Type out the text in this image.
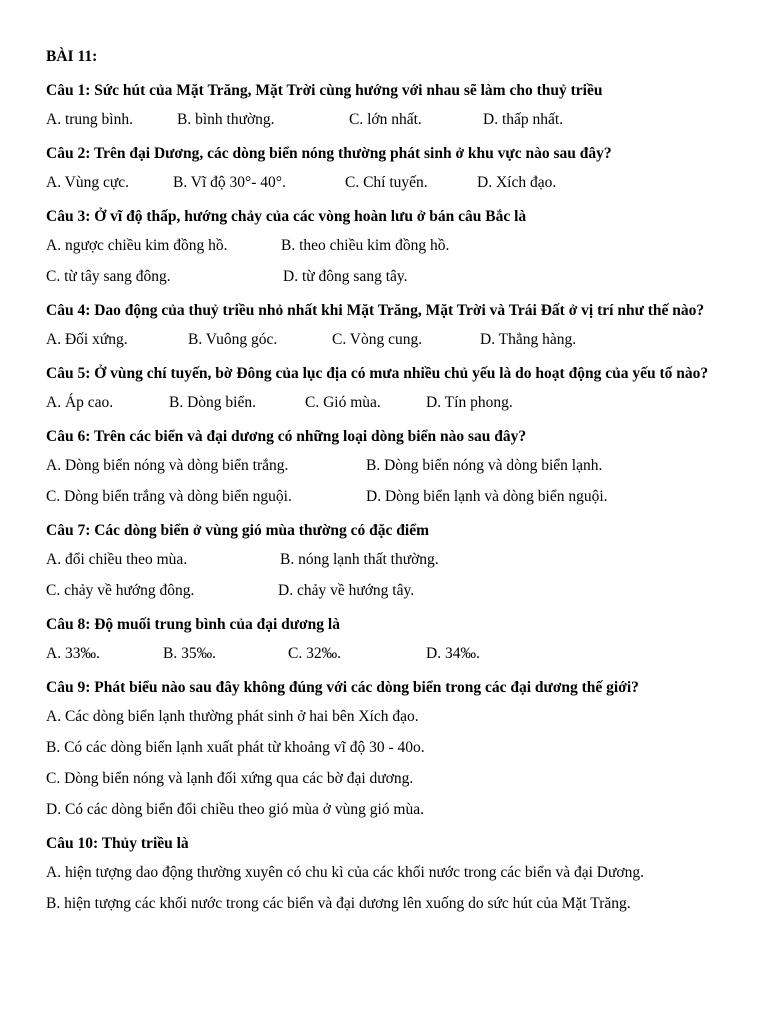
BÀI 11:
Câu 1: Sức hút của Mặt Trăng, Mặt Trời cùng hướng với nhau sẽ làm cho thuỷ triều
A. trung bình.	B. bình thường.	C. lớn nhất.	D. thấp nhất.
Câu 2: Trên đại Dương, các dòng biển nóng thường phát sinh ở khu vực nào sau đây?
A. Vùng cực.	B. Vĩ độ 30°- 40°.	C. Chí tuyến.	D. Xích đạo.
Câu 3: Ở vĩ độ thấp, hướng chảy của các vòng hoàn lưu ở bán câu Bắc là
A. ngược chiều kim đồng hồ.	B. theo chiều kim đồng hồ.
C. từ tây sang đông.	D. từ đông sang tây.
Câu 4: Dao động của thuỷ triều nhỏ nhất khi Mặt Trăng, Mặt Trời và Trái Đất ở vị trí như thế nào?
A. Đối xứng.	B. Vuông góc.	C. Vòng cung.	D. Thẳng hàng.
Câu 5: Ở vùng chí tuyến, bờ Đông của lục địa có mưa nhiều chủ yếu là do hoạt động của yếu tố nào?
A. Áp cao.	B. Dòng biển.	C. Gió mùa.	D. Tín phong.
Câu 6: Trên các biển và đại dương có những loại dòng biển nào sau đây?
A. Dòng biển nóng và dòng biển trắng.	B. Dòng biển nóng và dòng biển lạnh.
C. Dòng biển trắng và dòng biển nguội.	D. Dòng biển lạnh và dòng biển nguội.
Câu 7: Các dòng biển ở vùng gió mùa thường có đặc điểm
A. đổi chiều theo mùa.	B. nóng lạnh thất thường.
C. chảy về hướng đông.	D. chảy về hướng tây.
Câu 8: Độ muối trung bình của đại dương là
A. 33‰.	B. 35‰.	C. 32‰.	D. 34‰.
Câu 9: Phát biểu nào sau đây không đúng với các dòng biển trong các đại dương thế giới?
A. Các dòng biển lạnh thường phát sinh ở hai bên Xích đạo.
B. Có các dòng biển lạnh xuất phát từ khoảng vĩ độ 30 - 40o.
C. Dòng biển nóng và lạnh đối xứng qua các bờ đại dương.
D. Có các dòng biển đổi chiều theo gió mùa ở vùng gió mùa.
Câu 10: Thủy triều là
A. hiện tượng dao động thường xuyên có chu kì của các khối nước trong các biển và đại Dương.
B. hiện tượng các khối nước trong các biển và đại dương lên xuống do sức hút của Mặt Trăng.
